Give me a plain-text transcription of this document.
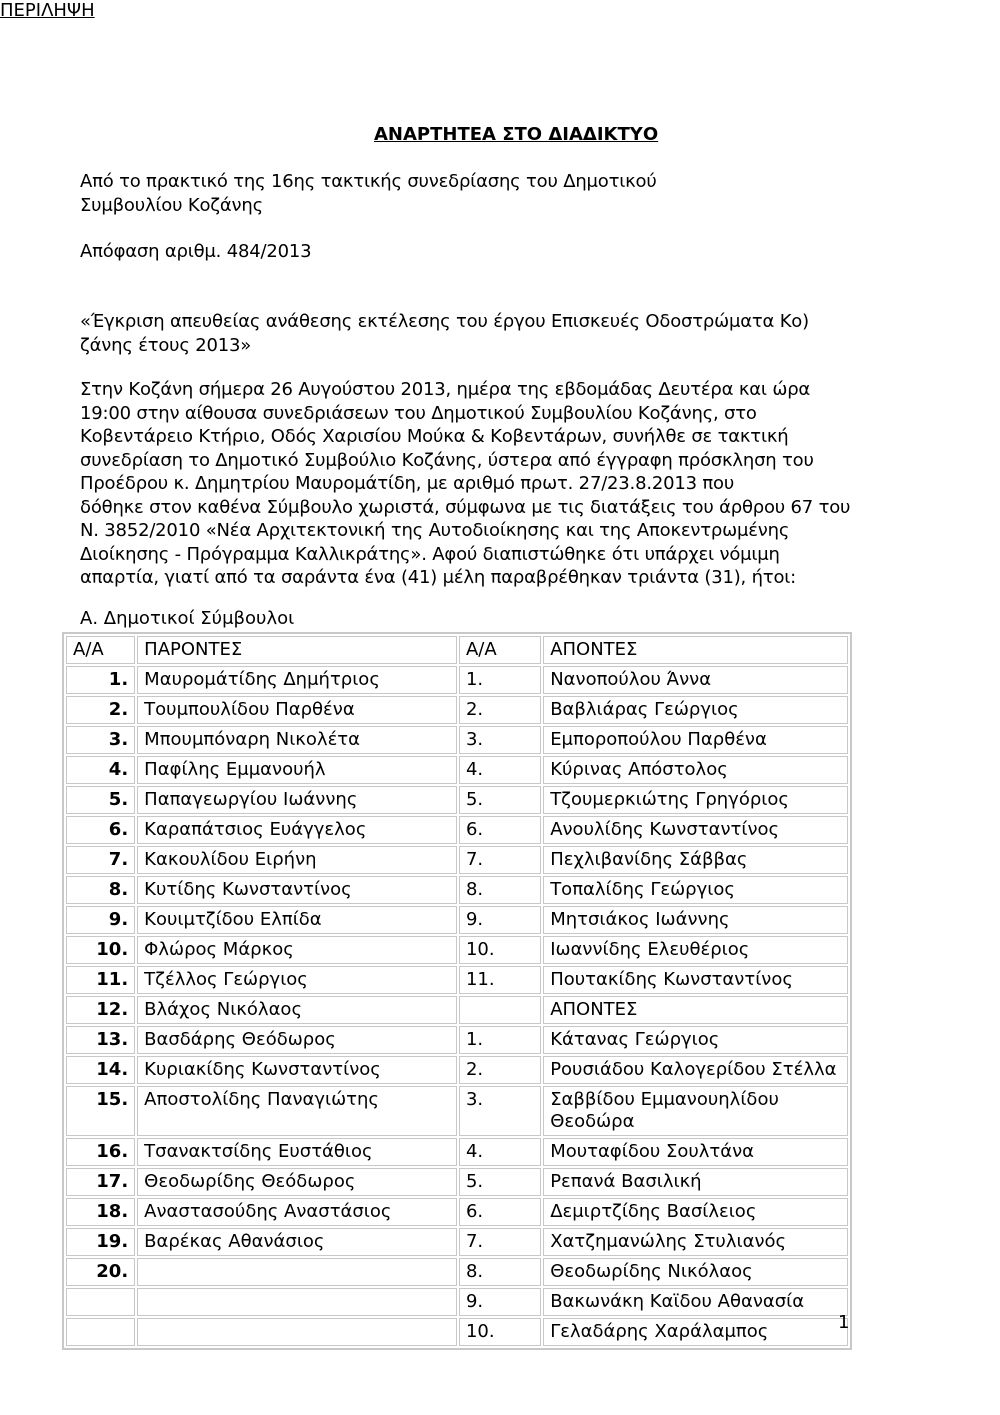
ΑΝΑΡΤΗΤΕΑ ΣΤΟ ΔΙΑΔΙΚΤΥΟ
Από το πρακτικό της 16ης τακτικής συνεδρίασης του Δημοτικού
Συμβουλίου Κοζάνης
Απόφαση αριθμ. 484/2013
ΠΕΡΙΛΗΨΗ
«Έγκριση απευθείας ανάθεσης εκτέλεσης του έργου Επισκευές Οδοστρώματα Κο)
ζάνης έτους 2013»
Στην Κοζάνη σήμερα 26 Αυγούστου 2013, ημέρα της εβδομάδας Δευτέρα και ώρα
19:00 στην αίθουσα συνεδριάσεων του Δημοτικού Συμβουλίου Κοζάνης, στο
Κοβεντάρειο Κτήριο, Οδός Χαρισίου Μούκα & Κοβεντάρων, συνήλθε σε τακτική
συνεδρίαση το Δημοτικό Συμβούλιο Κοζάνης, ύστερα από έγγραφη πρόσκληση του
Προέδρου κ. Δημητρίου Μαυρομάτίδη, με αριθμό πρωτ. 27/23.8.2013 που
δόθηκε στον καθένα Σύμβουλο χωριστά, σύμφωνα με τις διατάξεις του άρθρου 67 του
Ν. 3852/2010 «Νέα Αρχιτεκτονική της Αυτοδιοίκησης και της Αποκεντρωμένης
Διοίκησης - Πρόγραμμα Καλλικράτης». Αφού διαπιστώθηκε ότι υπάρχει νόμιμη
απαρτία, γιατί από τα σαράντα ένα (41) μέλη παραβρέθηκαν τριάντα (31), ήτοι:
Α. Δημοτικοί Σύμβουλοι
Α/Α	ΠΑΡΟΝΤΕΣ	Α/Α	ΑΠΟΝΤΕΣ
1.	Μαυρομάτίδης Δημήτριος	1.	Νανοπούλου Άννα
2.	Τουμπουλίδου Παρθένα	2.	Βαβλιάρας Γεώργιος
3.	Μπουμπόναρη Νικολέτα	3.	Εμποροπούλου Παρθένα
4.	Παφίλης Εμμανουήλ	4.	Κύρινας Απόστολος
5.	Παπαγεωργίου Ιωάννης	5.	Τζουμερκιώτης Γρηγόριος
6.	Καραπάτσιος Ευάγγελος	6.	Ανουλίδης Κωνσταντίνος
7.	Κακουλίδου Ειρήνη	7.	Πεχλιβανίδης Σάββας
8.	Κυτίδης Κωνσταντίνος	8.	Τοπαλίδης Γεώργιος
9.	Κουιμτζίδου Ελπίδα	9.	Μητσιάκος Ιωάννης
10.	Φλώρος Μάρκος	10.	Ιωαννίδης Ελευθέριος
11.	Τζέλλος Γεώργιος	11.	Πουτακίδης Κωνσταντίνος
12.	Βλάχος Νικόλαος		ΑΠΟΝΤΕΣ
13.	Βασδάρης Θεόδωρος	1.	Κάτανας Γεώργιος
14.	Κυριακίδης Κωνσταντίνος	2.	Ρουσιάδου Καλογερίδου Στέλλα
15.	Αποστολίδης Παναγιώτης	3.	Σαββίδου Εμμανουηλίδου Θεοδώρα
16.	Τσανακτσίδης Ευστάθιος	4.	Μουταφίδου Σουλτάνα
17.	Θεοδωρίδης Θεόδωρος	5.	Ρεπανά Βασιλική
18.	Αναστασούδης Αναστάσιος	6.	Δεμιρτζίδης Βασίλειος
19.	Βαρέκας Αθανάσιος	7.	Χατζημανώλης Στυλιανός
20.		8.	Θεοδωρίδης Νικόλαος
		9.	Βακωνάκη Καϊδου Αθανασία
		10.	Γελαδάρης Χαράλαμπος	1
